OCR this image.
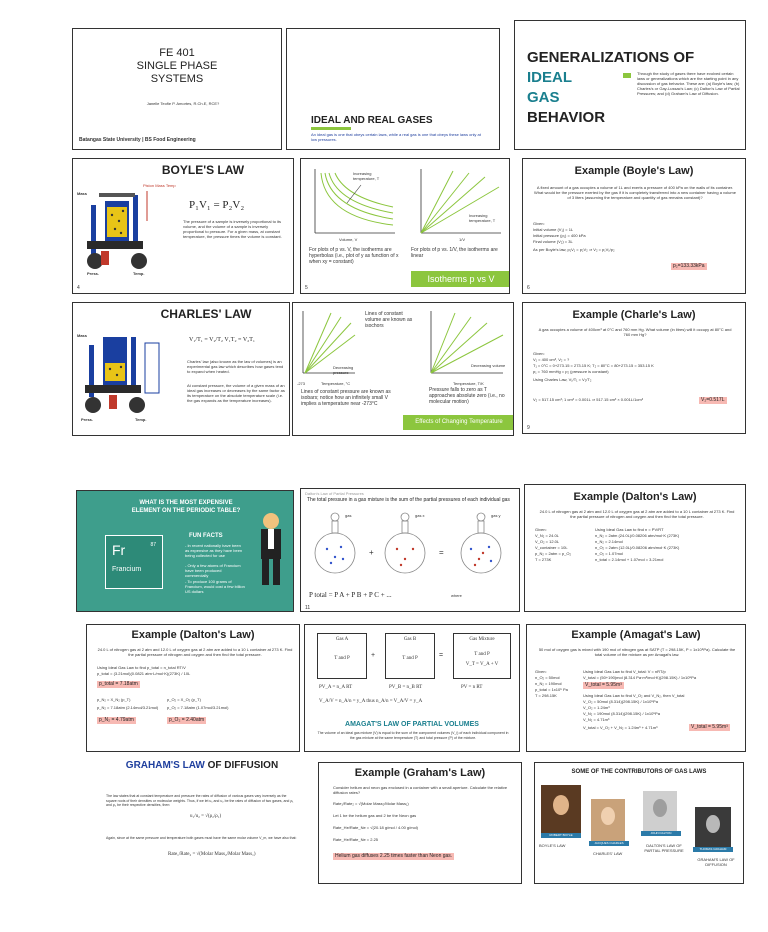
FE 401
SINGLE PHASE
SYSTEMS
Janelle Teofie P. Amortes, R.Ch.E, RCE?
Batangas State University | BS Food Engineering
IDEAL AND REAL GASES
An ideal gas is one that obeys certain laws, while a real gas is one that obeys these laws only at low pressures.
GENERALIZATIONS OF
IDEAL
GAS
BEHAVIOR
Through the study of gases there have evolved certain laws or generalizations which are the starting point in any discussion of gas behavior. These are: (a) Boyle's law; (b) Charles's or Gay-Lussac's Law; (c) Dalton's Law of Partial Pressures; and (d) Graham's Law of Diffusion.
BOYLE'S LAW
Mass
Press.	Temp.
Piston Mass Temp
P₁V₁ = P₂V₂
The pressure of a sample is inversely proportional to its volume, and the volume of a sample is inversely proportional to pressure. For a given mass, at constant temperature, the pressure times the volume is constant.
4
Increasing temperature, T
Volume, V
Increasing temperature, T
1/V
For plots of p vs. V, the isotherms are hyperbolas (i.e., plot of y as function of x when xy = constant)
For plots of p vs. 1/V, the isotherms are linear
Isotherms p vs V
5
Example (Boyle's Law)
A fixed amount of a gas occupies a volume of 1L and exerts a pressure of 400 kPa on the walls of its container. What would be the pressure exerted by the gas if it is completely transferred into a new container having a volume of 3 liters (assuming the temperature and quantity of gas remains constant)?
Given:
Initial volume (V₁) = 1L
Initial pressure (p₁) = 400 kPa
Final volume (V₂) = 3L
As per Boyle's law, p₁V₁ = p₂V₂ ⇒ V₂ = p₁V₁/p₂
p₂=133.33kPa
6
CHARLES' LAW
Mass
Press.	Temp.
V₁/T₁ = V₂/T₂ V₁T₂ = V₂T₁
Charles' law (also known as the law of volumes) is an experimental gas law which describes how gases tend to expand when heated.
At constant pressure, the volume of a given mass of an ideal gas increases or decreases by the same factor as its temperature on the absolute temperature scale (i.e. the gas expands as the temperature increases).
Lines of constant volume are known as isochors
Decreasing pressure
-273	Temperature, °C
Decreasing volume
Temperature, T/K
Lines of constant pressure are known as isobars; notice how an infinitely small V implies a temperature near -273°C
Pressure falls to zero as T approaches absolute zero (i.e., no molecular motion)
Effects of Changing Temperature
Example (Charle's Law)
A gas occupies a volume of 400cm³ at 0°C and 760 mm Hg. What volume (in litres) will it occupy at 80°C and 760 mm Hg?
Given:
V₁ = 400 cm³, V₂ = ?
T₁ = 0°C = 0+273.15 = 273.15 K; T₂ = 80°C = 80+273.15 = 353.15 K
p₁ = 760 mmHg = p₂ (pressure is constant)
Using Charles Law, V₁/T₁ = V₂/T₂
V₂ = 517.15 cm³; 1 cm³ = 0.001L ⇒ 517.15 cm³ × 0.001L/1cm³	V₂=0.517L
9
WHAT IS THE MOST EXPENSIVE ELEMENT ON THE PERIODIC TABLE?
Fr	87
Francium
FUN FACTS
- In recent nationally have been as expensive as they have been being collected for use
- Only a few atoms of Francium have been produced commercially
- To produce 100 grams of Francium, would cost a few billion US dollars
Dalton's Law of Partial Pressures
The total pressure in a gas mixture is the sum of the partial pressures of each individual gas
+	=
gas	gas x	gas y
P total = P A + P B + P C + ...	where
11
Example (Dalton's Law)
24.0 L of nitrogen gas at 2 atm and 12.0 L of oxygen gas at 2 atm are added to a 10 L container at 273 K. Find the partial pressure of nitrogen and oxygen and then find the total pressure.
Given:
V_N₂ = 24.0L
V_O₂ = 12.0L
V_container = 10L
p_N₂ = 2atm = p_O₂
T = 273K
Using Ideal Gas Law to find n = PV/RT
n_N₂ = 2atm (24.0L)/0.08206 atm/mol·K (273K)
n_N₂ = 2.14mol
n_O₂ = 2atm (12.0L)/0.08206 atm/mol·K (273K)
n_O₂ = 1.07mol
n_total = 2.14mol + 1.07mol = 3.21mol
Example (Dalton's Law)
24.0 L of nitrogen gas at 2 atm and 12.0 L of oxygen gas at 2 atm are added to a 10 L container at 273 K. Find the partial pressure of nitrogen and oxygen and then find the total pressure.
Using Ideal Gas Law to find p_total = n_total RT/V
p_total = (3.21mol)(0.0821 atm·L/mol·K)(273K) / 10L
p_total = 7.18atm
p_N₂ = X_N₂ (p_T)
p_N₂ = 7.18atm (2.14mol/3.21mol)
p_N₂ = 4.79atm
p_O₂ = X_O₂ (p_T)
p_O₂ = 7.18atm (1.07mol/3.21mol)
p_O₂ = 2.40atm
Gas A
T and P	+
Gas B
T and P	=
Gas Mixture
T and P
V_T = V_A + V
PV_A = n_A RT	PV_B = n_B RT	PV = n RT
V_A/V = n_A/n = y_A thus n_A/n = V_A/V = y_A
AMAGAT'S LAW OF PARTIAL VOLUMES
The volume of an ideal gas mixture (V) is equal to the sum of the component volumes (V_i) of each individual component in the gas mixture at the same temperature (T) and total pressure (P) of the mixture.
Example (Amagat's Law)
50 mol of oxygen gas is mixed with 190 mol of nitrogen gas at SATP (T = 298.15K, P = 1x10⁵Pa). Calculate the total volume of the mixture as per Amagat's law.
Given:
n_O₂ = 50mol
n_N₂ = 190mol
p_total = 1x10⁵ Pa
T = 298.15K
Using Ideal Gas Law to find V_total: V = nRT/p
V_total = (50+190)mol (8.314 Pa·m³/mol·K)(298.15K) / 1x10⁵Pa
V_total = 5.95m³
Using Ideal Gas Law to find V_O₂ and V_N₂, then V_total
V_O₂ = 50mol (8.314)(298.15K) / 1x10⁵Pa
V_O₂ = 1.24m³
V_N₂ = 190mol (8.314)(298.15K) / 1x10⁵Pa
V_N₂ = 4.71m³
V_total = V_O₂ + V_N₂ = 1.24m³ + 4.71m³	V_total = 5.95m³
GRAHAM'S LAW OF DIFFUSION
The law states that at constant temperature and pressure the rates of diffusion of various gases vary inversely as the square roots of their densities or molecular weights. Thus, if we let u₁ and u₂ be the rates of diffusion of two gases, and ρ₁ and ρ₂ be their respective densities, then:
u₁/u₂ = √(ρ₂/ρ₁)
Again, since at the same pressure and temperature both gases must have the same molar volume V_m, we have also that:
Rate₁/Rate₂ = √(Molar Mass₂/Molar Mass₁)
Example (Graham's Law)
Consider helium and neon gas enclosed in a container with a small aperture. Calculate the relative diffusion rates?
Rate₁/Rate₂ = √(Molar Mass₂/Molar Mass₁)
Let 1 be the helium gas and 2 be the Neon gas
Rate_He/Rate_Ne = √(20.18 g/mol / 4.00 g/mol)
Rate_He/Rate_Ne = 2.25
Helium gas diffuses 2.25 times faster than Neon gas.
SOME OF THE CONTRIBUTORS OF GAS LAWS
ROBERT BOYLE
BOYLE'S LAW	JACQUES CHARLES
CHARLES' LAW
JOHN DALTON
DALTON'S LAW OF PARTIAL PRESSURE	THOMAS GRAHAM
GRAHAM'S LAW OF DIFFUSION
